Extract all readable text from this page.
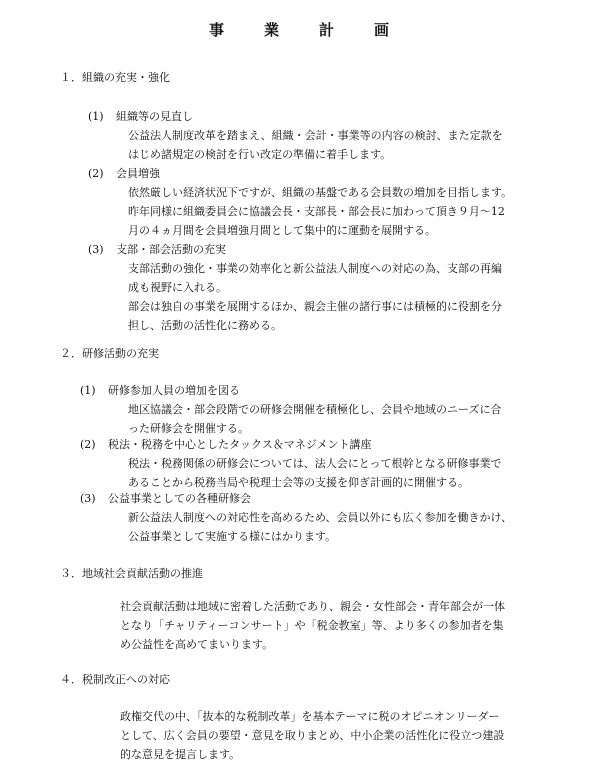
事	業	計	画
１．組織の充実・強化
(1) 組織等の見直し
公益法人制度改革を踏まえ、組織・会計・事業等の内容の検討、また定款を
はじめ諸規定の検討を行い改定の準備に着手します。
(2) 会員増強
依然厳しい経済状況下ですが、組織の基盤である会員数の増加を目指します。
昨年同様に組織委員会に協議会長・支部長・部会長に加わって頂き９月～12
月の４ヵ月間を会員増強月間として集中的に運動を展開する。
(3) 支部・部会活動の充実
支部活動の強化・事業の効率化と新公益法人制度への対応の為、支部の再編
成も視野に入れる。
部会は独自の事業を展開するほか、親会主催の諸行事には積極的に役割を分
担し、活動の活性化に務める。
２．研修活動の充実
(1) 研修参加人員の増加を図る
地区協議会・部会段階での研修会開催を積極化し、会員や地域のニーズに合
った研修会を開催する。
(2) 税法・税務を中心としたタックス＆マネジメント講座
税法・税務関係の研修会については、法人会にとって根幹となる研修事業で
あることから税務当局や税理士会等の支援を仰ぎ計画的に開催する。
(3) 公益事業としての各種研修会
新公益法人制度への対応性を高めるため、会員以外にも広く参加を働きかけ、
公益事業として実施する様にはかります。
３．地域社会貢献活動の推進
社会貢献活動は地域に密着した活動であり、親会・女性部会・青年部会が一体
となり「チャリティーコンサート」や「税金教室」等、より多くの参加者を集
め公益性を高めてまいります。
４．税制改正への対応
政権交代の中、「抜本的な税制改革」を基本テーマに税のオピニオンリーダー
として、広く会員の要望・意見を取りまとめ、中小企業の活性化に役立つ建設
的な意見を提言します。
